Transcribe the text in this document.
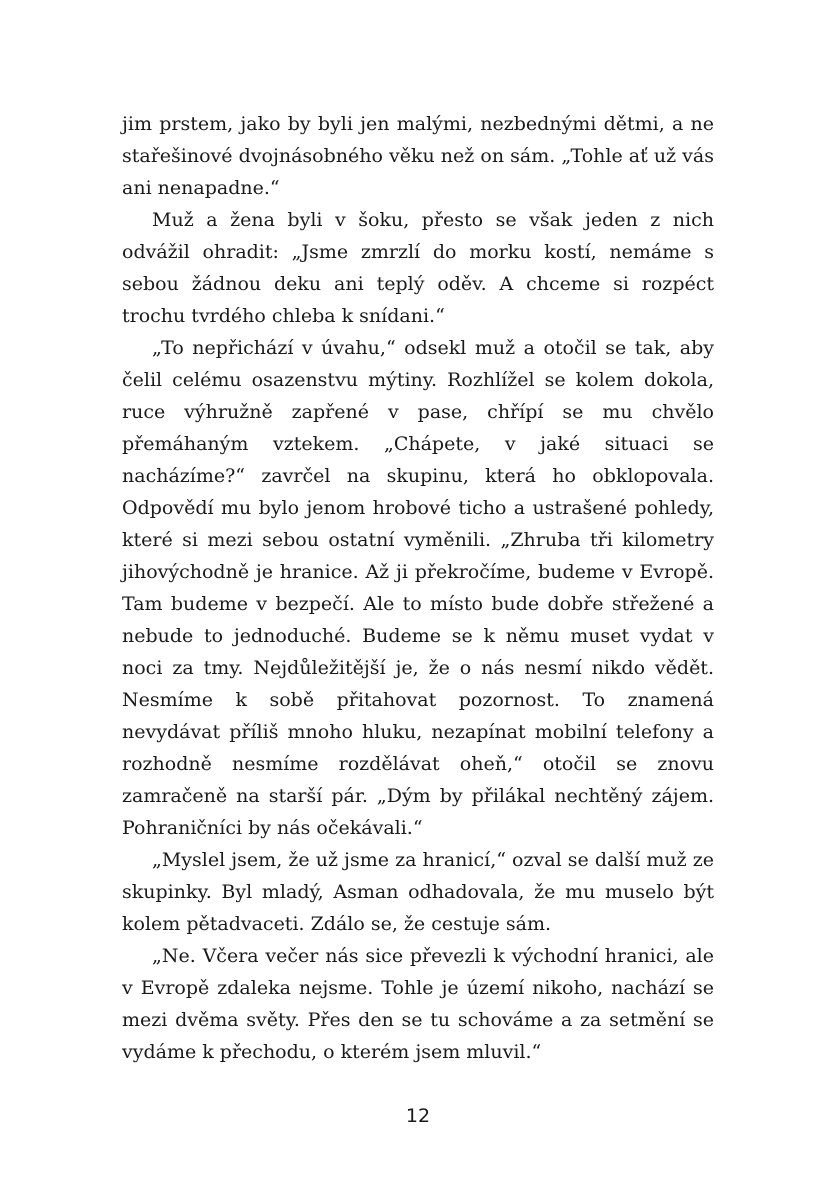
jim prstem, jako by byli jen malými, nezbednými dětmi, a ne stařešinové dvojnásobného věku než on sám. „Tohle ať už vás ani nenapadne.“

Muž a žena byli v šoku, přesto se však jeden z nich odvážil ohradit: „Jsme zmrzlí do morku kostí, nemáme s sebou žádnou deku ani teplý oděv. A chceme si rozpéct trochu tvrdého chleba k snídani.“

„To nepřichází v úvahu,“ odsekl muž a otočil se tak, aby čelil celému osazenstvu mýtiny. Rozhlížel se kolem dokola, ruce výhružně zapřené v pase, chřípí se mu chvělo přemáhaným vztekem. „Chápete, v jaké situaci se nacházíme?“ zavrčel na skupinu, která ho obklopovala. Odpovědí mu bylo jenom hrobové ticho a ustrašené pohledy, které si mezi sebou ostatní vyměnili. „Zhruba tři kilometry jihovýchodně je hranice. Až ji překročíme, budeme v Evropě. Tam budeme v bezpečí. Ale to místo bude dobře střežené a nebude to jednoduché. Budeme se k němu muset vydat v noci za tmy. Nejdůležitější je, že o nás nesmí nikdo vědět. Nesmíme k sobě přitahovat pozornost. To znamená nevydávat příliš mnoho hluku, nezapínat mobilní telefony a rozhodně nesmíme rozdělávat oheň,“ otočil se znovu zamračeně na starší pár. „Dým by přilákal nechtěný zájem. Pohraničníci by nás očekávali.“

„Myslel jsem, že už jsme za hranicí,“ ozval se další muž ze skupinky. Byl mladý, Asman odhadovala, že mu muselo být kolem pětadvaceti. Zdálo se, že cestuje sám.

„Ne. Včera večer nás sice převezli k východní hranici, ale v Evropě zdaleka nejsme. Tohle je území nikoho, nachází se mezi dvěma světy. Přes den se tu schováme a za setmění se vydáme k přechodu, o kterém jsem mluvil.“

12
